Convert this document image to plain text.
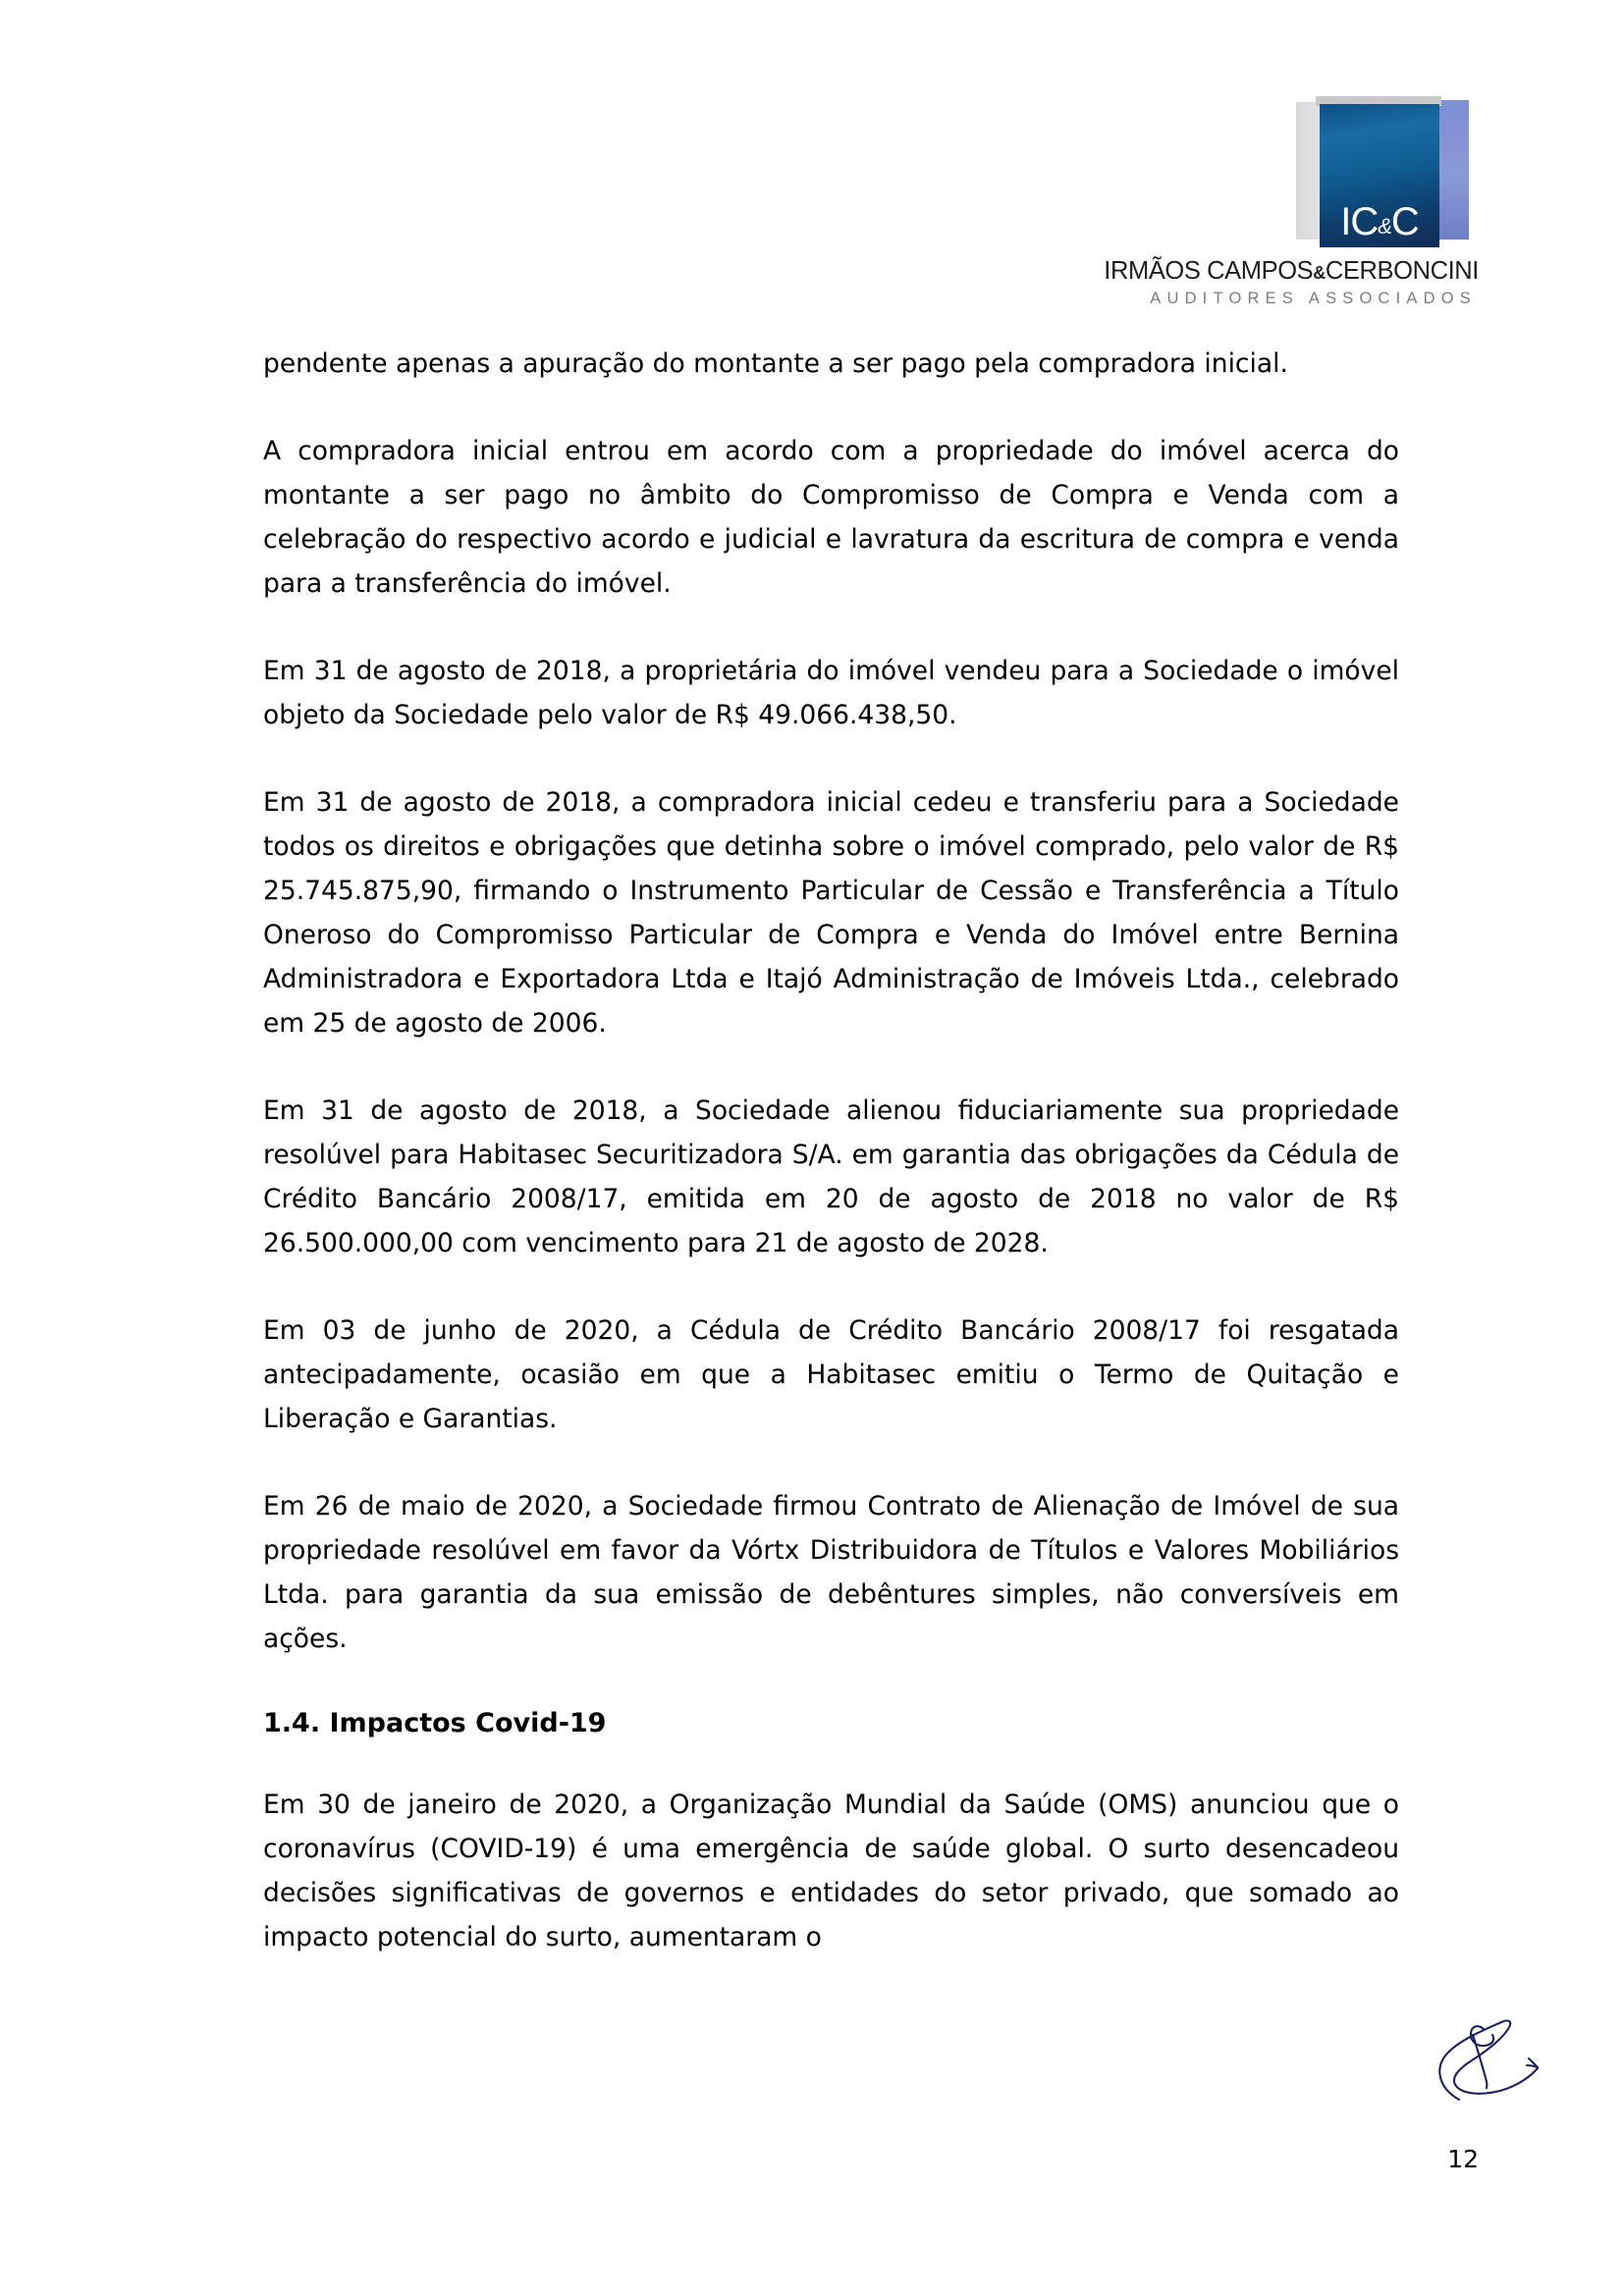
IC&C
IRMÃOS CAMPOS&CERBONCINI
AUDITORES ASSOCIADOS

pendente apenas a apuração do montante a ser pago pela compradora inicial.

A compradora inicial entrou em acordo com a propriedade do imóvel acerca do montante a ser pago no âmbito do Compromisso de Compra e Venda com a celebração do respectivo acordo e judicial e lavratura da escritura de compra e venda para a transferência do imóvel.

Em 31 de agosto de 2018, a proprietária do imóvel vendeu para a Sociedade o imóvel objeto da Sociedade pelo valor de R$ 49.066.438,50.

Em 31 de agosto de 2018, a compradora inicial cedeu e transferiu para a Sociedade todos os direitos e obrigações que detinha sobre o imóvel comprado, pelo valor de R$ 25.745.875,90, firmando o Instrumento Particular de Cessão e Transferência a Título Oneroso do Compromisso Particular de Compra e Venda do Imóvel entre Bernina Administradora e Exportadora Ltda e Itajó Administração de Imóveis Ltda., celebrado em 25 de agosto de 2006.

Em 31 de agosto de 2018, a Sociedade alienou fiduciariamente sua propriedade resolúvel para Habitasec Securitizadora S/A. em garantia das obrigações da Cédula de Crédito Bancário 2008/17, emitida em 20 de agosto de 2018 no valor de R$ 26.500.000,00 com vencimento para 21 de agosto de 2028.

Em 03 de junho de 2020, a Cédula de Crédito Bancário 2008/17 foi resgatada antecipadamente, ocasião em que a Habitasec emitiu o Termo de Quitação e Liberação e Garantias.

Em 26 de maio de 2020, a Sociedade firmou Contrato de Alienação de Imóvel de sua propriedade resolúvel em favor da Vórtx Distribuidora de Títulos e Valores Mobiliários Ltda. para garantia da sua emissão de debêntures simples, não conversíveis em ações.

1.4. Impactos Covid-19

Em 30 de janeiro de 2020, a Organização Mundial da Saúde (OMS) anunciou que o coronavírus (COVID-19) é uma emergência de saúde global. O surto desencadeou decisões significativas de governos e entidades do setor privado, que somado ao impacto potencial do surto, aumentaram o

12
